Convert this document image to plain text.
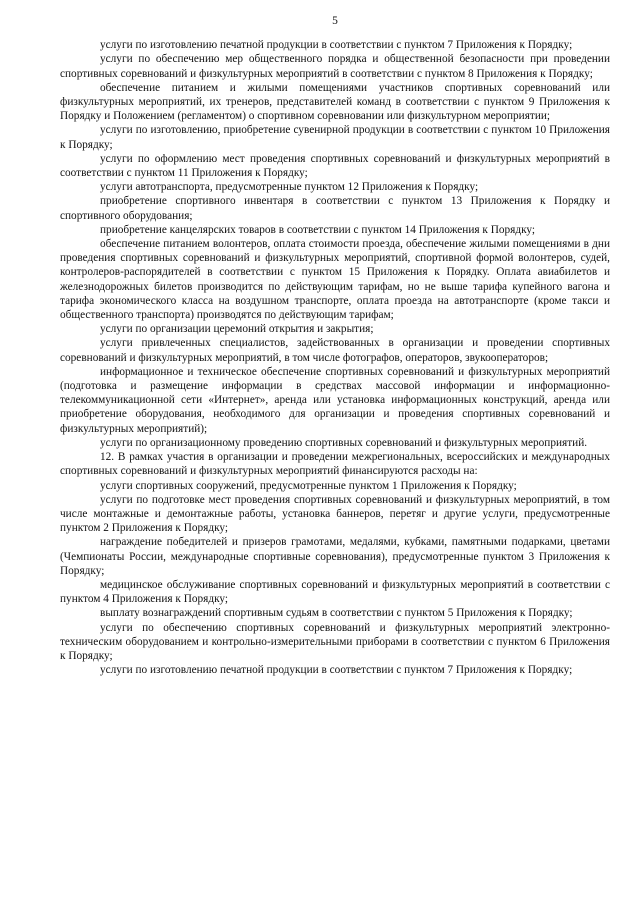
5

услуги по изготовлению печатной продукции в соответствии с пунктом 7 Приложения к Порядку;

услуги по обеспечению мер общественного порядка и общественной безопасности при проведении спортивных соревнований и физкультурных мероприятий в соответствии с пунктом 8 Приложения к Порядку;

обеспечение питанием и жилыми помещениями участников спортивных соревнований или физкультурных мероприятий, их тренеров, представителей команд в соответствии с пунктом 9 Приложения к Порядку и Положением (регламентом) о спортивном соревновании или физкультурном мероприятии;

услуги по изготовлению, приобретение сувенирной продукции в соответствии с пунктом 10 Приложения к Порядку;

услуги по оформлению мест проведения спортивных соревнований и физкультурных мероприятий в соответствии с пунктом 11 Приложения к Порядку;

услуги автотранспорта, предусмотренные пунктом 12 Приложения к Порядку;

приобретение спортивного инвентаря в соответствии с пунктом 13 Приложения к Порядку и спортивного оборудования;

приобретение канцелярских товаров в соответствии с пунктом 14 Приложения к Порядку;

обеспечение питанием волонтеров, оплата стоимости проезда, обеспечение жилыми помещениями в дни проведения спортивных соревнований и физкультурных мероприятий, спортивной формой волонтеров, судей, контролеров-распорядителей в соответствии с пунктом 15 Приложения к Порядку. Оплата авиабилетов и железнодорожных билетов производится по действующим тарифам, но не выше тарифа купейного вагона и тарифа экономического класса на воздушном транспорте, оплата проезда на автотранспорте (кроме такси и общественного транспорта) производятся по действующим тарифам;

услуги по организации церемоний открытия и закрытия;

услуги привлеченных специалистов, задействованных в организации и проведении спортивных соревнований и физкультурных мероприятий, в том числе фотографов, операторов, звукооператоров;

информационное и техническое обеспечение спортивных соревнований и физкультурных мероприятий (подготовка и размещение информации в средствах массовой информации и информационно-телекоммуникационной сети «Интернет», аренда или установка информационных конструкций, аренда или приобретение оборудования, необходимого для организации и проведения спортивных соревнований и физкультурных мероприятий);

услуги по организационному проведению спортивных соревнований и физкультурных мероприятий.

12. В рамках участия в организации и проведении межрегиональных, всероссийских и международных спортивных соревнований и физкультурных мероприятий финансируются расходы на:

услуги спортивных сооружений, предусмотренные пунктом 1 Приложения к Порядку;

услуги по подготовке мест проведения спортивных соревнований и физкультурных мероприятий, в том числе монтажные и демонтажные работы, установка баннеров, перетяг и другие услуги, предусмотренные пунктом 2 Приложения к Порядку;

награждение победителей и призеров грамотами, медалями, кубками, памятными подарками, цветами (Чемпионаты России, международные спортивные соревнования), предусмотренные пунктом 3 Приложения к Порядку;

медицинское обслуживание спортивных соревнований и физкультурных мероприятий в соответствии с пунктом 4 Приложения к Порядку;

выплату вознаграждений спортивным судьям в соответствии с пунктом 5 Приложения к Порядку;

услуги по обеспечению спортивных соревнований и физкультурных мероприятий электронно-техническим оборудованием и контрольно-измерительными приборами в соответствии с пунктом 6 Приложения к Порядку;

услуги по изготовлению печатной продукции в соответствии с пунктом 7 Приложения к Порядку;
